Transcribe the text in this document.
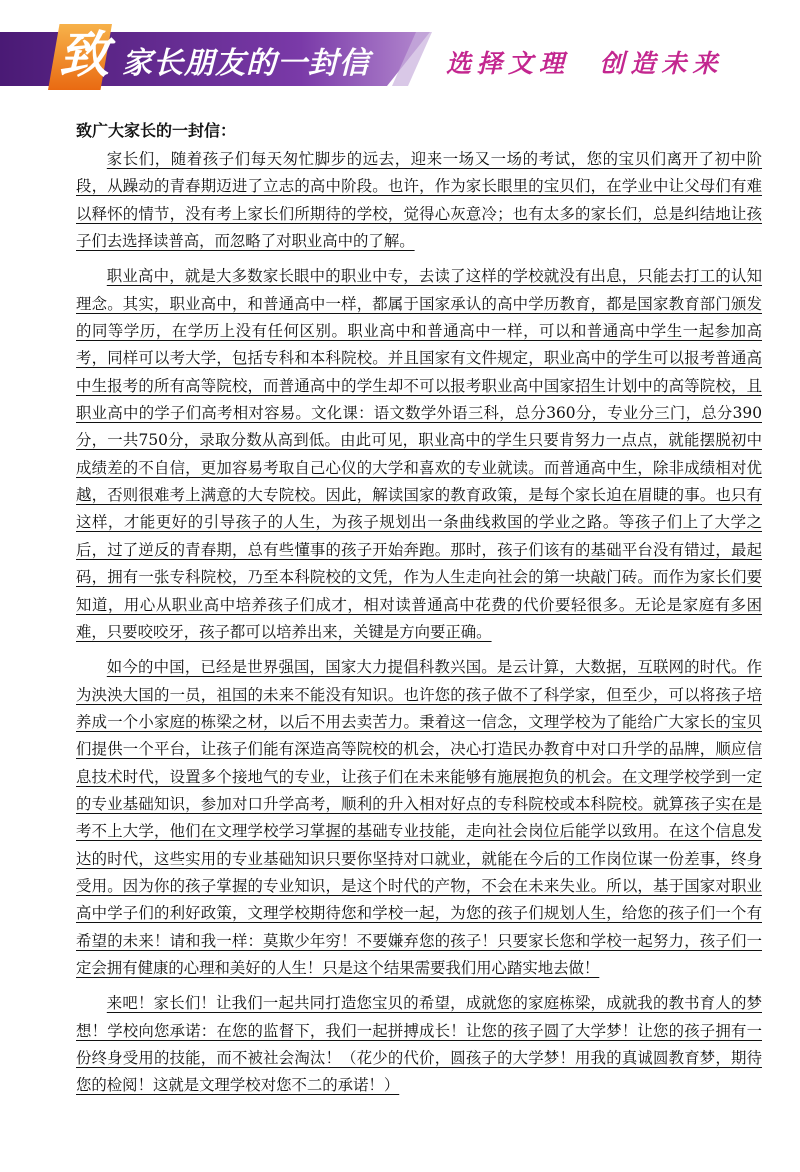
致 家长朋友的一封信	选择文理  创造未来
致广大家长的一封信：

家长们，随着孩子们每天匆忙脚步的远去，迎来一场又一场的考试，您的宝贝们离开了初中阶段，从躁动的青春期迈进了立志的高中阶段。也许，作为家长眼里的宝贝们，在学业中让父母们有难以释怀的情节，没有考上家长们所期待的学校，觉得心灰意冷；也有太多的家长们，总是纠结地让孩子们去选择读普高，而忽略了对职业高中的了解。

职业高中，就是大多数家长眼中的职业中专，去读了这样的学校就没有出息，只能去打工的认知理念。其实，职业高中，和普通高中一样，都属于国家承认的高中学历教育，都是国家教育部门颁发的同等学历，在学历上没有任何区别。职业高中和普通高中一样，可以和普通高中学生一起参加高考，同样可以考大学，包括专科和本科院校。并且国家有文件规定，职业高中的学生可以报考普通高中生报考的所有高等院校，而普通高中的学生却不可以报考职业高中国家招生计划中的高等院校，且职业高中的学子们高考相对容易。文化课：语文数学外语三科，总分360分，专业分三门，总分390分，一共750分，录取分数从高到低。由此可见，职业高中的学生只要肯努力一点点，就能摆脱初中成绩差的不自信，更加容易考取自己心仪的大学和喜欢的专业就读。而普通高中生，除非成绩相对优越，否则很难考上满意的大专院校。因此，解读国家的教育政策，是每个家长迫在眉睫的事。也只有这样，才能更好的引导孩子的人生，为孩子规划出一条曲线救国的学业之路。等孩子们上了大学之后，过了逆反的青春期，总有些懂事的孩子开始奔跑。那时，孩子们该有的基础平台没有错过，最起码，拥有一张专科院校，乃至本科院校的文凭，作为人生走向社会的第一块敲门砖。而作为家长们要知道，用心从职业高中培养孩子们成才，相对读普通高中花费的代价要轻很多。无论是家庭有多困难，只要咬咬牙，孩子都可以培养出来，关键是方向要正确。

如今的中国，已经是世界强国，国家大力提倡科教兴国。是云计算，大数据，互联网的时代。作为泱泱大国的一员，祖国的未来不能没有知识。也许您的孩子做不了科学家，但至少，可以将孩子培养成一个小家庭的栋梁之材，以后不用去卖苦力。秉着这一信念，文理学校为了能给广大家长的宝贝们提供一个平台，让孩子们能有深造高等院校的机会，决心打造民办教育中对口升学的品牌，顺应信息技术时代，设置多个接地气的专业，让孩子们在未来能够有施展抱负的机会。在文理学校学到一定的专业基础知识，参加对口升学高考，顺利的升入相对好点的专科院校或本科院校。就算孩子实在是考不上大学，他们在文理学校学习掌握的基础专业技能，走向社会岗位后能学以致用。在这个信息发达的时代，这些实用的专业基础知识只要你坚持对口就业，就能在今后的工作岗位谋一份差事，终身受用。因为你的孩子掌握的专业知识，是这个时代的产物，不会在未来失业。所以，基于国家对职业高中学子们的利好政策，文理学校期待您和学校一起，为您的孩子们规划人生，给您的孩子们一个有希望的未来！请和我一样：莫欺少年穷！不要嫌弃您的孩子！只要家长您和学校一起努力，孩子们一定会拥有健康的心理和美好的人生！只是这个结果需要我们用心踏实地去做！

来吧！家长们！让我们一起共同打造您宝贝的希望，成就您的家庭栋梁，成就我的教书育人的梦想！学校向您承诺：在您的监督下，我们一起拼搏成长！让您的孩子圆了大学梦！让您的孩子拥有一份终身受用的技能，而不被社会淘汰！（花少的代价，圆孩子的大学梦！用我的真诚圆教育梦，期待您的检阅！这就是文理学校对您不二的承诺！）
